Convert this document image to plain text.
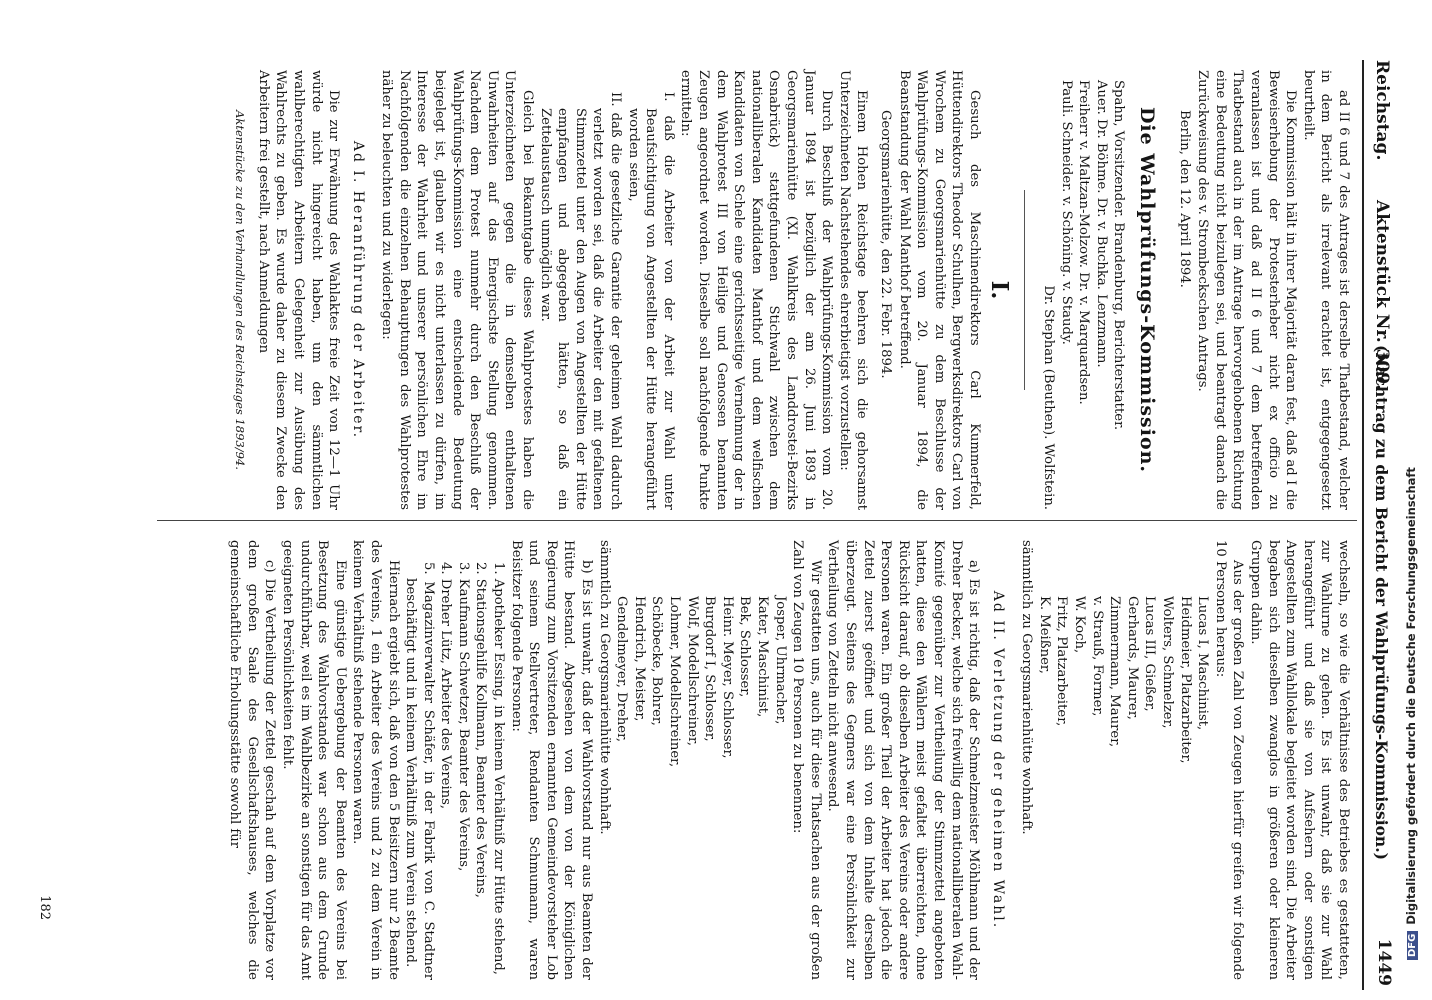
Reichstag.
Aktenstück Nr. 309.
(Nachtrag zu dem Bericht der Wahlprüfungs-Kommission.)
1449

ad II 6 und 7 des Antrages ist derselbe Thatbestand, welcher in dem Bericht als irrelevant erachtet ist, entgegengesetzt beurtheilt.

Die Kommission hält in ihrer Majorität daran fest, daß ad I die Beweiserhebung der Protesterheber nicht ex officio zu veranlassen ist und daß ad II 6 und 7 dem betreffenden Thatbestand auch in der im Antrage hervorgehobenen Richtung eine Bedeutung nicht beizulegen sei, und beantragt danach die Zurückweisung des v. Strombeckschen Antrags.

Berlin, den 12. April 1894.

Die Wahlprüfungs-Kommission.

Spahn, Vorsitzender. Brandenburg, Berichterstatter.

Auer. Dr. Böhme. Dr. v. Buchka. Lenzmann.

Freiherr v. Maltzan-Molzow. Dr. v. Marquardsen.

Pauli. Schneider. v. Schöning. v. Staudy.

Dr. Stephan (Beuthen). Wolfstein.

I.

Gesuch des Maschinendirektors Carl Kummerfeld, Hüttendirektors Theodor Schulhen, Bergwerksdirektors Carl von Wrochem zu Georgsmarienhütte zu dem Beschlusse der Wahlprüfungs-Kommission vom 20. Januar 1894, die Beanstandung der Wahl Manthof betreffend.

Georgsmarienhütte, den 22. Febr. 1894.

Einem Hohen Reichstage beehren sich die gehorsamst Unterzeichneten Nachstehendes ehrerbietigst vorzustellen:

Durch Beschluß der Wahlprüfungs-Kommission vom 20. Januar 1894 ist bezüglich der am 26. Juni 1893 in Georgsmarienhütte (XI. Wahlkreis des Landdrostei-Bezirks Osnabrück) stattgefundenen Stichwahl zwischen dem nationalliberalen Kandidaten Manthof und dem welfischen Kandidaten von Schele eine gerichtsseitige Vernehmung der in dem Wahlprotest III von Heilige und Genossen benannten Zeugen angeordnet worden. Dieselbe soll nachfolgende Punkte ermitteln:

I. daß die Arbeiter von der Arbeit zur Wahl unter Beaufsichtigung von Angestellten der Hütte herangeführt worden seien,

II. daß die gesetzliche Garantie der geheimen Wahl dadurch verletzt worden sei, daß die Arbeiter den mit gefaltenen Stimmzettel unter den Augen von Angestellten der Hütte empfangen und abgegeben hätten, so daß ein Zettelaustausch unmöglich war.

Gleich bei Bekanntgabe dieses Wahlprotestes haben die Unterzeichneten gegen die in demselben enthaltenen Unwahrheiten auf das Energischste Stellung genommen. Nachdem dem Protest nunmehr durch den Beschluß der Wahlprüfungs-Kommission eine entscheidende Bedeutung beigelegt ist, glauben wir es nicht unterlassen zu dürfen, im Interesse der Wahrheit und unserer persönlichen Ehre im Nachfolgenden die einzelnen Behauptungen des Wahlprotestes näher zu beleuchten und zu widerlegen:

Ad I. Heranführung der Arbeiter.

Die zur Erwähnung des Wahlaktes freie Zeit von 12—1 Uhr würde nicht hingereicht haben, um den sämmtlichen wahlberechtigten Arbeitern Gelegenheit zur Ausübung des Wahlrechts zu geben. Es wurde daher zu diesem Zwecke den Arbeitern frei gestellt, nach Anmeldungen

Aktenstücke zu den Verhandlungen des Reichstages 1893/94.

wechseln, so wie die Verhältnisse des Betriebes es gestatteten, zur Wahlurne zu gehen. Es ist unwahr, daß sie zur Wahl herangeführt und daß sie von Aufsehern oder sonstigen Angestellten zum Wahllokale begleitet worden sind. Die Arbeiter begaben sich dieselben zwanglos in größeren oder kleineren Gruppen dahin.

Aus der großen Zahl von Zeugen hierfür greifen wir folgende 10 Personen heraus:

Lucas I, Maschinist,

Heidmeier, Platzarbeiter,

Wolters, Schmelzer,

Lucas III, Gießer,

Gerhards, Maurer,

Zimmermann, Maurer,

v. Strauß, Former,

W. Koch,

Fritz, Platzarbeiter,

K. Meißner,

sämmtlich zu Georgsmarienhütte wohnhaft.

Ad II. Verletzung der geheimen Wahl.

a) Es ist richtig, daß der Schmelzmeister Möhlmann und der Dreher Becker, welche sich freiwillig dem nationalliberalen Wahl-Komité gegenüber zur Vertheilung der Stimmzettel angeboten hatten, diese den Wählern meist gefaltet überreichten, ohne Rücksicht darauf, ob dieselben Arbeiter des Vereins oder andere Personen waren. Ein großer Theil der Arbeiter hat jedoch die Zettel zuerst geöffnet und sich von dem Inhalte derselben überzeugt. Seitens des Gegners war eine Persönlichkeit zur Vertheilung von Zetteln nicht anwesend.

Wir gestatten uns, auch für diese Thatsachen aus der großen Zahl von Zeugen 10 Personen zu benennen:

Josper, Uhrmacher,

Kater, Maschinist,

Bek, Schlosser,

Heinr. Meyer, Schlosser,

Burgdorf I, Schlosser,

Wolf, Modellschreiner,

Lohmer, Modellschreiner,

Schöbecke, Bohrer,

Hendrich, Meister,

Gendelmeyer, Dreher,

sämmtlich zu Georgsmarienhütte wohnhaft.

b) Es ist unwahr, daß der Wahlvorstand nur aus Beamten der Hütte bestand. Abgesehen von dem von der Königlichen Regierung zum Vorsitzenden ernannten Gemeindevorsteher Lob und seinem Stellvertreter, Rendanten Schmumann, waren Beisitzer folgende Personen:

1. Apotheker Essing, in keinem Verhältniß zur Hütte stehend,

2. Stationsgehilfe Kollmann, Beamter des Vereins,

3. Kaufmann Schwetzer, Beamter des Vereins,

4. Dreher Lütz, Arbeiter des Vereins,

5. Magazinverwalter Schäfer, in der Fabrik von C. Stadtner beschäftigt und in keinem Verhältniß zum Verein stehend.

Hiernach ergiebt sich, daß von den 5 Beisitzern nur 2 Beamte des Vereins, 1 ein Arbeiter des Vereins und 2 zu dem Verein in keinem Verhältniß stehende Personen waren.

Eine günstige Uebergebung der Beamten des Vereins bei Besetzung des Wahlvorstandes war schon aus dem Grunde undurchführbar, weil es im Wahlbezirke an sonstigen für das Amt geeigneten Persönlichkeiten fehlt.

c) Die Vertheilung der Zettel geschah auf dem Vorplatze vor dem großen Saale des Gesellschaftshauses, welches die gemeinschaftliche Erholungsstätte sowohl für

182
DFGDigitalisierung gefördert durch die Deutsche Forschungsgemeinschaft
